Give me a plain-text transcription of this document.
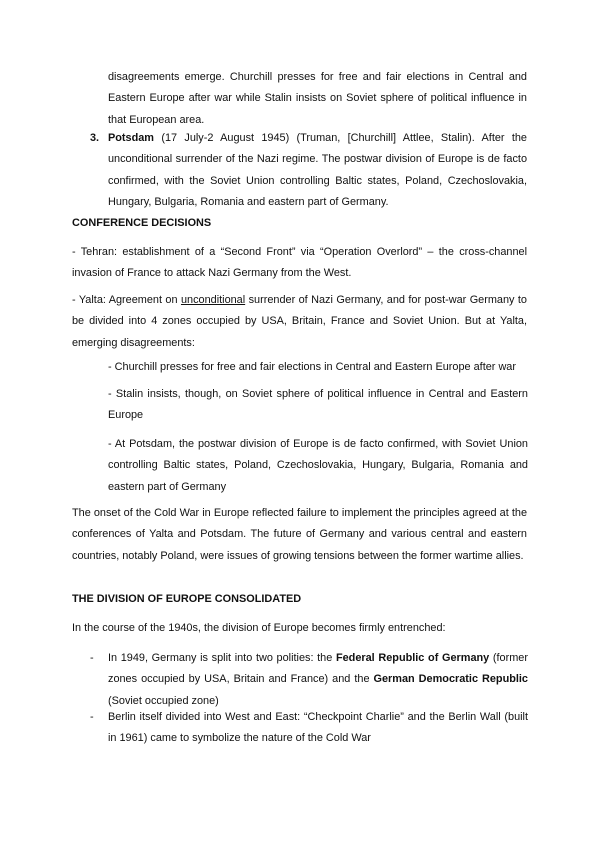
disagreements emerge. Churchill presses for free and fair elections in Central and Eastern Europe after war while Stalin insists on Soviet sphere of political influence in that European area.
3. Potsdam (17 July-2 August 1945) (Truman, [Churchill] Attlee, Stalin). After the unconditional surrender of the Nazi regime. The postwar division of Europe is de facto confirmed, with the Soviet Union controlling Baltic states, Poland, Czechoslovakia, Hungary, Bulgaria, Romania and eastern part of Germany.
CONFERENCE DECISIONS
- Tehran: establishment of a “Second Front” via “Operation Overlord” – the cross-channel invasion of France to attack Nazi Germany from the West.
- Yalta: Agreement on unconditional surrender of Nazi Germany, and for post-war Germany to be divided into 4 zones occupied by USA, Britain, France and Soviet Union. But at Yalta, emerging disagreements:
- Churchill presses for free and fair elections in Central and Eastern Europe after war
- Stalin insists, though, on Soviet sphere of political influence in Central and Eastern Europe
- At Potsdam, the postwar division of Europe is de facto confirmed, with Soviet Union controlling Baltic states, Poland, Czechoslovakia, Hungary, Bulgaria, Romania and eastern part of Germany
The onset of the Cold War in Europe reflected failure to implement the principles agreed at the conferences of Yalta and Potsdam. The future of Germany and various central and eastern countries, notably Poland, were issues of growing tensions between the former wartime allies.
THE DIVISION OF EUROPE CONSOLIDATED
In the course of the 1940s, the division of Europe becomes firmly entrenched:
- In 1949, Germany is split into two polities: the Federal Republic of Germany (former zones occupied by USA, Britain and France) and the German Democratic Republic (Soviet occupied zone)
- Berlin itself divided into West and East: “Checkpoint Charlie” and the Berlin Wall (built in 1961) came to symbolize the nature of the Cold War
